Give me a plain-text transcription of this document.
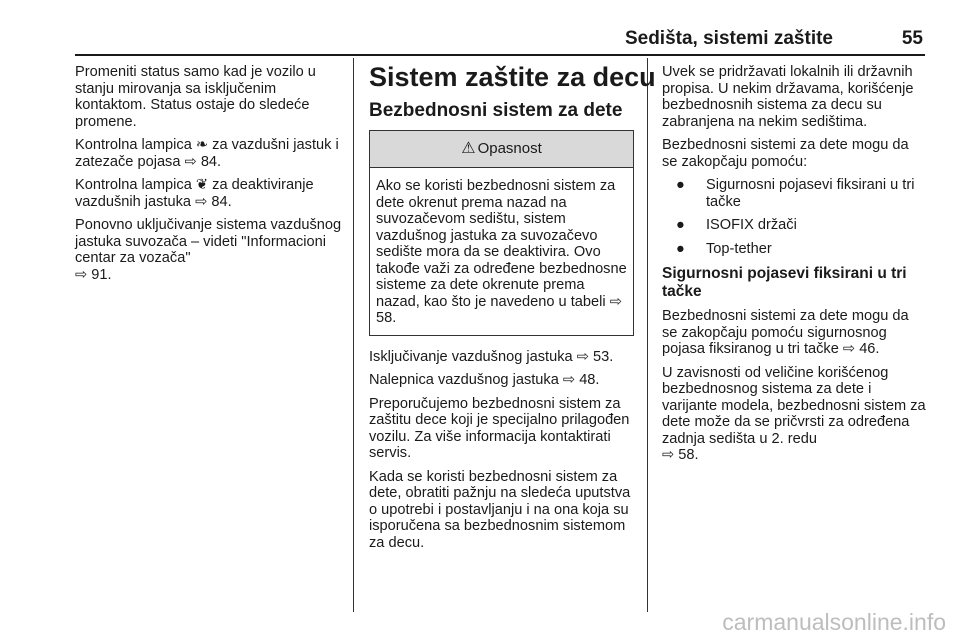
Sedišta, sistemi zaštite	55

Promeniti status samo kad je vozilo u stanju mirovanja sa isključenim kontaktom. Status ostaje do sledeće promene.

Kontrolna lampica ❧ za vazdušni jastuk i zatezače pojasa ⇨ 84.

Kontrolna lampica ❦ za deaktiviranje vazdušnih jastuka ⇨ 84.

Ponovno uključivanje sistema vazdušnog jastuka suvozača – videti "Informacioni centar za vozača"
⇨ 91.

Sistem zaštite za decu
Bezbednosni sistem za dete
⚠ Opasnost
Ako se koristi bezbednosni sistem za dete okrenut prema nazad na suvozačevom sedištu, sistem vazdušnog jastuka za suvozačevo sedište mora da se deaktivira. Ovo takođe važi za određene bezbednosne sisteme za dete okrenute prema nazad, kao što je navedeno u tabeli ⇨ 58.

Isključivanje vazdušnog jastuka ⇨ 53.

Nalepnica vazdušnog jastuka ⇨ 48.

Preporučujemo bezbednosni sistem za zaštitu dece koji je specijalno prilagođen vozilu. Za više informacija kontaktirati servis.

Kada se koristi bezbednosni sistem za dete, obratiti pažnju na sledeća uputstva o upotrebi i postavljanju i na ona koja su isporučena sa bezbednosnim sistemom za decu.

Uvek se pridržavati lokalnih ili državnih propisa. U nekim državama, korišćenje bezbednosnih sistema za decu su zabranjena na nekim sedištima.

Bezbednosni sistemi za dete mogu da se zakopčaju pomoću:

● Sigurnosni pojasevi fiksirani u tri tačke
● ISOFIX držači
● Top-tether
Sigurnosni pojasevi fiksirani u tri tačke

Bezbednosni sistemi za dete mogu da se zakopčaju pomoću sigurnosnog pojasa fiksiranog u tri tačke ⇨ 46.

U zavisnosti od veličine korišćenog bezbednosnog sistema za dete i varijante modela, bezbednosni sistem za dete može da se pričvrsti za određena zadnja sedišta u 2. redu
⇨ 58.

carmanualsonline.info
